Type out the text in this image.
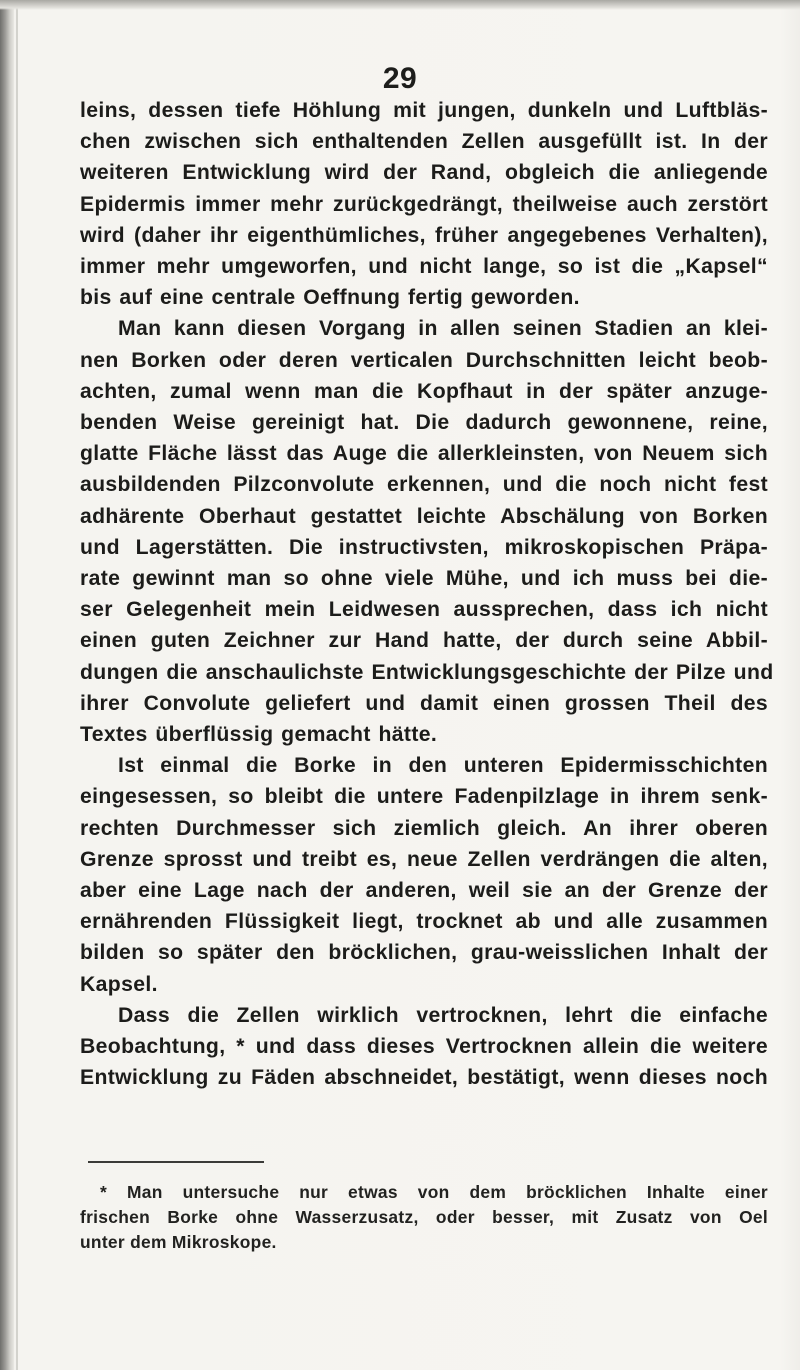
29
leins, dessen tiefe Höhlung mit jungen, dunkeln und Luftbläs-
chen zwischen sich enthaltenden Zellen ausgefüllt ist. In der
weiteren Entwicklung wird der Rand, obgleich die anliegende
Epidermis immer mehr zurückgedrängt, theilweise auch zerstört
wird (daher ihr eigenthümliches, früher angegebenes Verhalten),
immer mehr umgeworfen, und nicht lange, so ist die „Kapsel“
bis auf eine centrale Oeffnung fertig geworden.
Man kann diesen Vorgang in allen seinen Stadien an klei-
nen Borken oder deren verticalen Durchschnitten leicht beob-
achten, zumal wenn man die Kopfhaut in der später anzuge-
benden Weise gereinigt hat. Die dadurch gewonnene, reine,
glatte Fläche lässt das Auge die allerkleinsten, von Neuem sich
ausbildenden Pilzconvolute erkennen, und die noch nicht fest
adhärente Oberhaut gestattet leichte Abschälung von Borken
und Lagerstätten. Die instructivsten, mikroskopischen Präpa-
rate gewinnt man so ohne viele Mühe, und ich muss bei die-
ser Gelegenheit mein Leidwesen aussprechen, dass ich nicht
einen guten Zeichner zur Hand hatte, der durch seine Abbil-
dungen die anschaulichste Entwicklungsgeschichte der Pilze und
ihrer Convolute geliefert und damit einen grossen Theil des
Textes überflüssig gemacht hätte.
Ist einmal die Borke in den unteren Epidermisschichten
eingesessen, so bleibt die untere Fadenpilzlage in ihrem senk-
rechten Durchmesser sich ziemlich gleich. An ihrer oberen
Grenze sprosst und treibt es, neue Zellen verdrängen die alten,
aber eine Lage nach der anderen, weil sie an der Grenze der
ernährenden Flüssigkeit liegt, trocknet ab und alle zusammen
bilden so später den bröcklichen, grau-weisslichen Inhalt der
Kapsel.
Dass die Zellen wirklich vertrocknen, lehrt die einfache
Beobachtung, * und dass dieses Vertrocknen allein die weitere
Entwicklung zu Fäden abschneidet, bestätigt, wenn dieses noch
* Man untersuche nur etwas von dem bröcklichen Inhalte einer
frischen Borke ohne Wasserzusatz, oder besser, mit Zusatz von Oel
unter dem Mikroskope.
